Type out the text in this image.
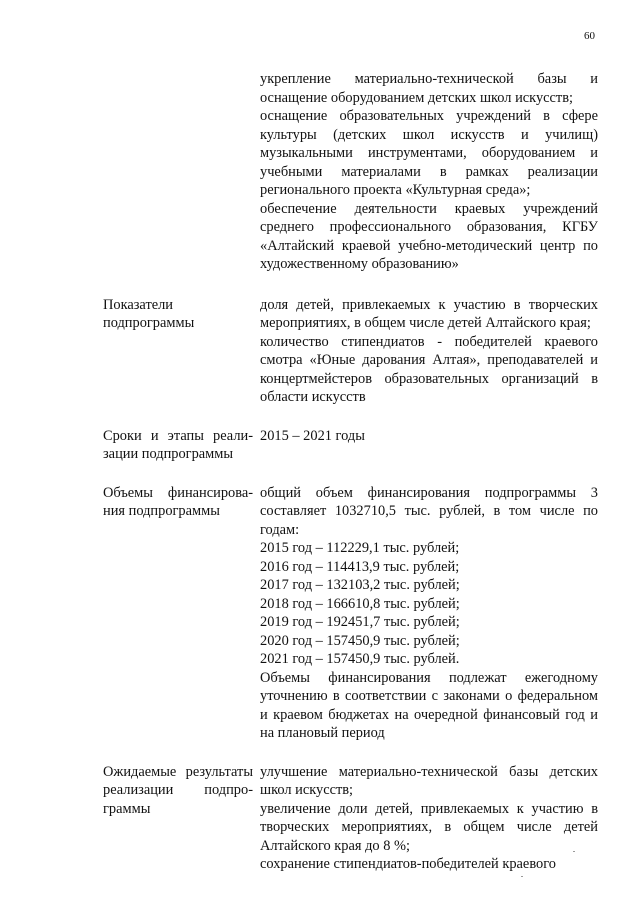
60

укрепление материально-технической базы и оснащение оборудованием детских школ искусств;

оснащение образовательных учреждений в сфере культуры (детских школ искусств и училищ) музыкальными инструментами, оборудованием и учебными материалами в рамках реализации регионального проекта «Культурная среда»;

обеспечение деятельности краевых учреждений среднего профессионального образования, КГБУ «Алтайский краевой учебно-методический центр по художественному образованию»

Показатели
подпрограммы

доля детей, привлекаемых к участию в творческих мероприятиях, в общем числе детей Алтайского края;

количество стипендиатов - победителей краевого смотра «Юные дарования Алтая», преподавателей и концертмейстеров образовательных организаций в области искусств

Сроки и этапы реали-
зации подпрограммы

2015 – 2021 годы

Объемы финансирова-
ния подпрограммы

общий объем финансирования подпрограммы 3 составляет 1032710,5 тыс. рублей, в том числе по годам:

2015 год – 112229,1 тыс. рублей;

2016 год – 114413,9 тыс. рублей;

2017 год – 132103,2 тыс. рублей;

2018 год – 166610,8 тыс. рублей;

2019 год – 192451,7 тыс. рублей;

2020 год – 157450,9 тыс. рублей;

2021 год – 157450,9 тыс. рублей.

Объемы финансирования подлежат ежегодному уточнению в соответствии с законами о федеральном и краевом бюджетах на очередной финансовый год и на плановый период

Ожидаемые результаты
реализации подпро-
граммы

улучшение материально-технической базы детских школ искусств;

увеличение доли детей, привлекаемых к участию в творческих мероприятиях, в общем числе детей Алтайского края до 8 %;

сохранение стипендиатов-победителей краевого
